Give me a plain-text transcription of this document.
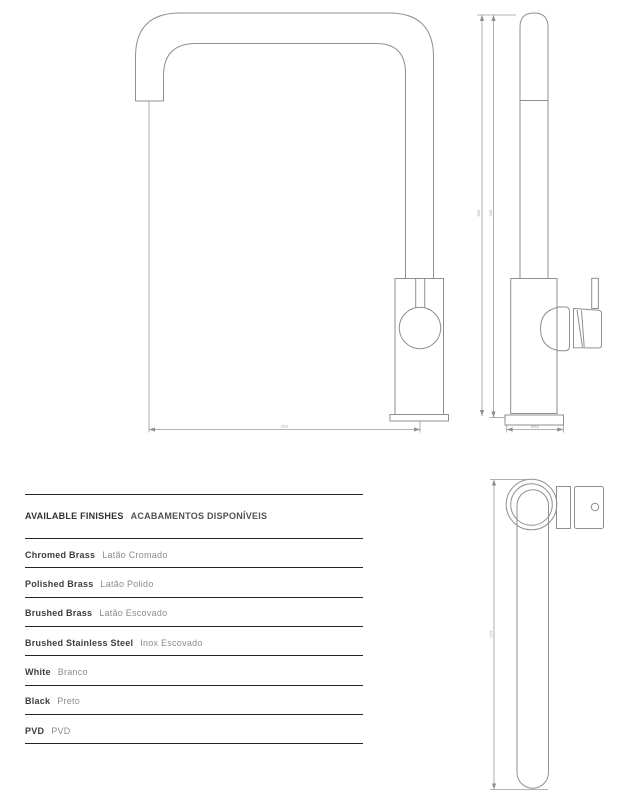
232
355 345
Ø50
275
AVAILABLE FINISHES ACABAMENTOS DISPONÍVEIS
Chromed Brass Latão Cromado
Polished Brass Latão Polido
Brushed Brass Latão Escovado
Brushed Stainless Steel Inox Escovado
White Branco
Black Preto
PVD PVD
